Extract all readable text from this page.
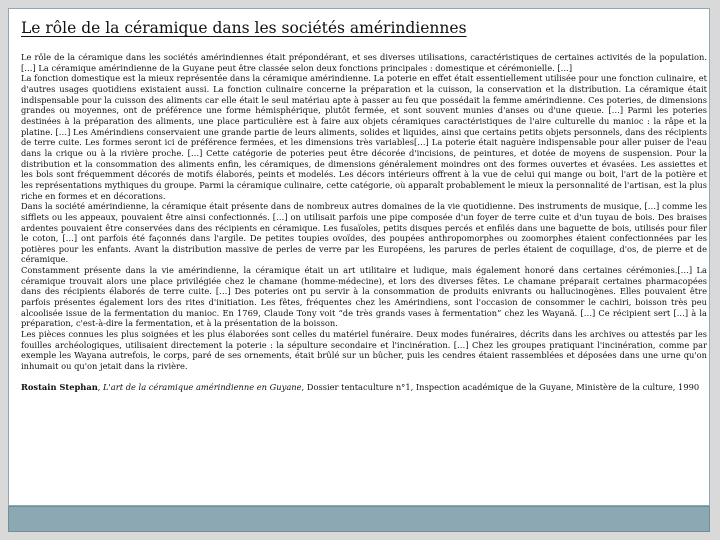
Le rôle de la céramique dans les sociétés amérindiennes

Le rôle de la céramique dans les sociétés amérindiennes était prépondérant, et ses diverses utilisations, caractéristiques de certaines activités de la population. […] La céramique amérindienne de la Guyane peut être classée selon deux fonctions principales : domestique et cérémonielle. […]

La fonction domestique est la mieux représentée dans la céramique amérindienne. La poterie en effet était essentiellement utilisée pour une fonction culinaire, et d'autres usages quotidiens existaient aussi. La fonction culinaire concerne la préparation et la cuisson, la conservation et la distribution. La céramique était indispensable pour la cuisson des aliments car elle était le seul matériau apte à passer au feu que possédait la femme amérindienne. Ces poteries, de dimensions grandes ou moyennes, ont de préférence une forme hémisphérique, plutôt fermée, et sont souvent munies d'anses ou d'une queue. […] Parmi les poteries destinées à la préparation des aliments, une place particulière est à faire aux objets céramiques caractéristiques de l'aire culturelle du manioc : la râpe et la platine. […] Les Amérindiens conservaient une grande partie de leurs aliments, solides et liquides, ainsi que certains petits objets personnels, dans des récipients de terre cuite. Les formes seront ici de préférence fermées, et les dimensions très variables[…] La poterie était naguère indispensable pour aller puiser de l'eau dans la crique ou à la rivière proche. […] Cette catégorie de poteries peut être décorée d'incisions, de peintures, et dotée de moyens de suspension. Pour la distribution et la consommation des aliments enfin, les céramiques, de dimensions généralement moindres ont des formes ouvertes et évasées. Les assiettes et les bols sont fréquemment décorés de motifs élaborés, peints et modelés. Les décors intérieurs offrent à la vue de celui qui mange ou boit, l'art de la potière et les représentations mythiques du groupe. Parmi la céramique culinaire, cette catégorie, où apparaît probablement le mieux la personnalité de l'artisan, est la plus riche en formes et en décorations.

Dans la société amérindienne, la céramique était présente dans de nombreux autres domaines de la vie quotidienne. Des instruments de musique, […] comme les sifflets ou les appeaux, pouvaient être ainsi confectionnés. […] on utilisait parfois une pipe composée d'un foyer de terre cuite et d'un tuyau de bois. Des braises ardentes pouvaient être conservées dans des récipients en céramique. Les fusaïoles, petits disques percés et enfilés dans une baguette de bois, utilisés pour filer le coton, […] ont parfois été façonnés dans l'argile. De petites toupies ovoïdes, des poupées anthropomorphes ou zoomorphes étaient confectionnées par les potières pour les enfants. Avant la distribution massive de perles de verre par les Européens, les parures de perles étaient de coquillage, d'os, de pierre et de céramique.

Constamment présente dans la vie amérindienne, la céramique était un art utilitaire et ludique, mais également honoré dans certaines cérémonies.[…] La céramique trouvait alors une place privilégiée chez le chamane (homme-médecine), et lors des diverses fêtes. Le chamane préparait certaines pharmacopées dans des récipients élaborés de terre cuite. […] Des poteries ont pu servir à la consommation de produits enivrants ou hallucinogènes. Elles pouvaient être parfois présentes également lors des rites d'initiation. Les fêtes, fréquentes chez les Amérindiens, sont l'occasion de consommer le cachiri, boisson très peu alcoolisée issue de la fermentation du manioc. En 1769, Claude Tony voit “de très grands vases à fermentation” chez les Wayanã. […] Ce récipient sert […] à la préparation, c'est-à-dire la fermentation, et à la présentation de la boisson.

Les pièces connues les plus soignées et les plus élaborées sont celles du matériel funéraire. Deux modes funéraires, décrits dans les archives ou attestés par les fouilles archéologiques, utilisaient directement la poterie : la sépulture secondaire et l'incinération. […] Chez les groupes pratiquant l'incinération, comme par exemple les Wayana autrefois, le corps, paré de ses ornements, était brûlé sur un bûcher, puis les cendres étaient rassemblées et déposées dans une urne qu'on inhumait ou qu'on jetait dans la rivière.

Rostain Stephan, L'art de la céramique amérindienne en Guyane, Dossier tentaculture n°1, Inspection académique de la Guyane, Ministère de la culture, 1990
